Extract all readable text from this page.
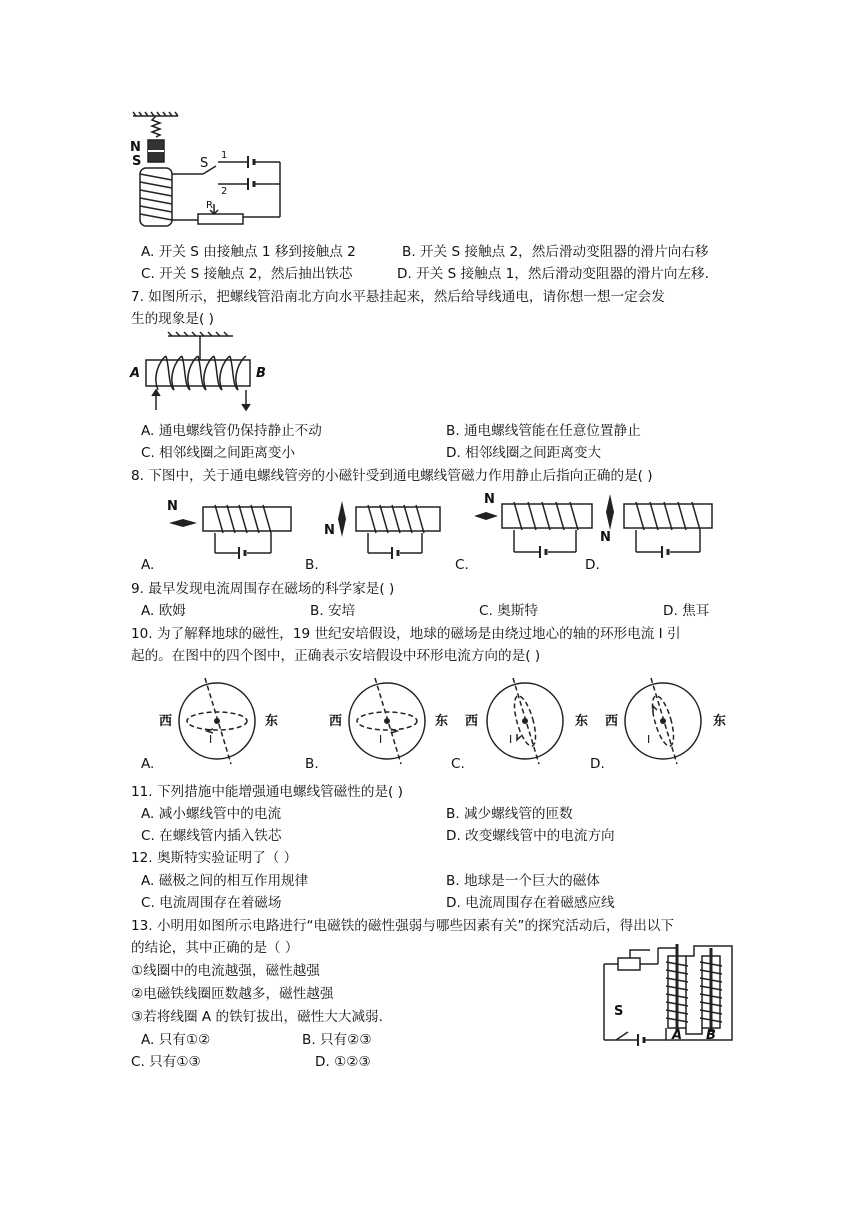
N
S	S
1
2
R
A. 开关 S 由接触点 1 移到接触点 2	B. 开关 S 接触点 2，然后滑动变阻器的滑片向右移
C. 开关 S 接触点 2，然后抽出铁芯	D. 开关 S 接触点 1，然后滑动变阻器的滑片向左移.
7. 如图所示，把螺线管沿南北方向水平悬挂起来，然后给导线通电，请你想一想一定会发
生的现象是( )
A	B
A. 通电螺线管仍保持静止不动	B. 通电螺线管能在任意位置静止
C. 相邻线圈之间距离变小	D. 相邻线圈之间距离变大
8. 下图中，关于通电螺线管旁的小磁针受到通电螺线管磁力作用静止后指向正确的是( )
N
N
N
N
A.	B.	C.	D.
9. 最早发现电流周围存在磁场的科学家是( )
A. 欧姆	B. 安培	C. 奥斯特	D. 焦耳
10. 为了解释地球的磁性，19 世纪安培假设，地球的磁场是由绕过地心的轴的环形电流 I 引
起的。在图中的四个图中，正确表示安培假设中环形电流方向的是( )
西	东
I
西	东
I
西	东
I
西	东
I
A.	B.	C.	D.
11. 下列措施中能增强通电螺线管磁性的是( )
A. 减小螺线管中的电流	B. 减少螺线管的匝数
C. 在螺线管内插入铁芯	D. 改变螺线管中的电流方向
12. 奥斯特实验证明了（ ）
A. 磁极之间的相互作用规律	B. 地球是一个巨大的磁体
C. 电流周围存在着磁场	D. 电流周围存在着磁感应线
13. 小明用如图所示电路进行“电磁铁的磁性强弱与哪些因素有关”的探究活动后，得出以下
的结论，其中正确的是（ ）
①线圈中的电流越强，磁性越强
②电磁铁线圈匝数越多，磁性越强
③若将线圈 A 的铁钉拔出，磁性大大减弱.
A. 只有①②	B. 只有②③
C. 只有①③	D. ①②③
S
A B
